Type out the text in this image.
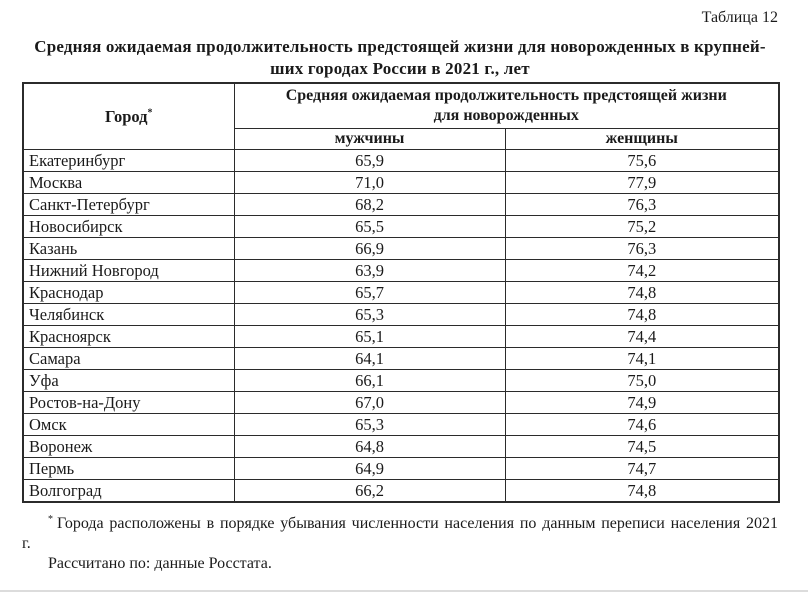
Таблица 12
Средняя ожидаемая продолжительность предстоящей жизни для новорожденных в крупней-
ших городах России в 2021 г., лет
Город*	Средняя ожидаемая продолжительность предстоящей жизни
для новорожденных	

	мужчины	женщины
Екатеринбург	65,9	75,6
Москва	71,0	77,9
Санкт-Петербург	68,2	76,3
Новосибирск	65,5	75,2
Казань	66,9	76,3
Нижний Новгород	63,9	74,2
Краснодар	65,7	74,8
Челябинск	65,3	74,8
Красноярск	65,1	74,4
Самара	64,1	74,1
Уфа	66,1	75,0
Ростов-на-Дону	67,0	74,9
Омск	65,3	74,6
Воронеж	64,8	74,5
Пермь	64,9	74,7
Волгоград	66,2	74,8

* Города расположены в порядке убывания численности населения по данным переписи населения 2021 г.

Рассчитано по: данные Росстата.
